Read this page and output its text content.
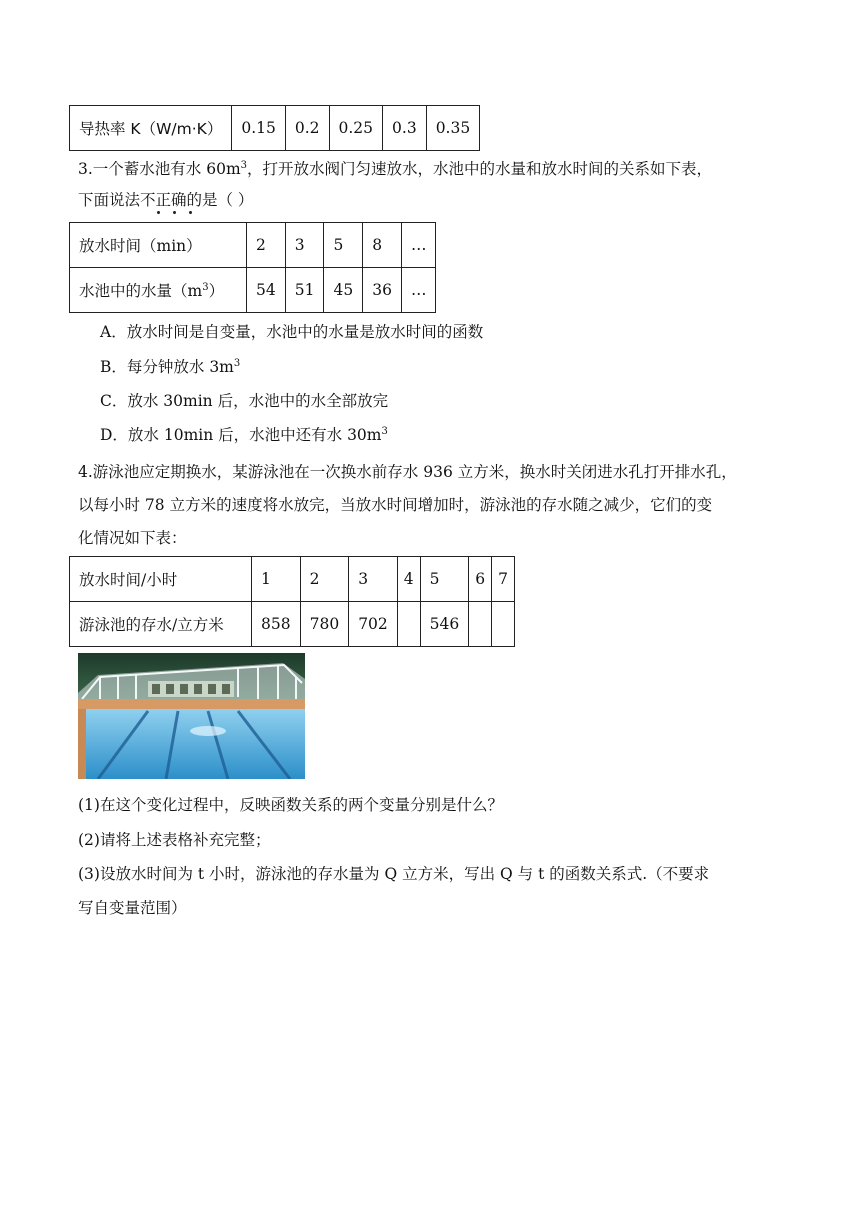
导热率 K（W/m·K）	0.15	0.2	0.25	0.3	0.35
3.一个蓄水池有水 $60m^3$，打开放水阀门匀速放水，水池中的水量和放水时间的关系如下表，
下面说法不正确的是（ ）
放水时间（min）	2	3	5	8	…
水池中的水量$(m^3)$	54	51	45	36	…
A．放水时间是自变量，水池中的水量是放水时间的函数
B．每分钟放水 $3m^3$
C．放水 30min 后，水池中的水全部放完
D．放水 10min 后，水池中还有水 $30m^3$
4.游泳池应定期换水，某游泳池在一次换水前存水 936 立方米，换水时关闭进水孔打开排水孔，
以每小时 78 立方米的速度将水放完，当放水时间增加时，游泳池的存水随之减少，它们的变
化情况如下表：
放水时间/小时	1	2	3	4	5	6	7
游泳池的存水/立方米	858	780	702		546		
(1)在这个变化过程中，反映函数关系的两个变量分别是什么？
(2)请将上述表格补充完整；
(3)设放水时间为 t 小时，游泳池的存水量为 Q 立方米，写出 Q 与 t 的函数关系式.（不要求
写自变量范围）
